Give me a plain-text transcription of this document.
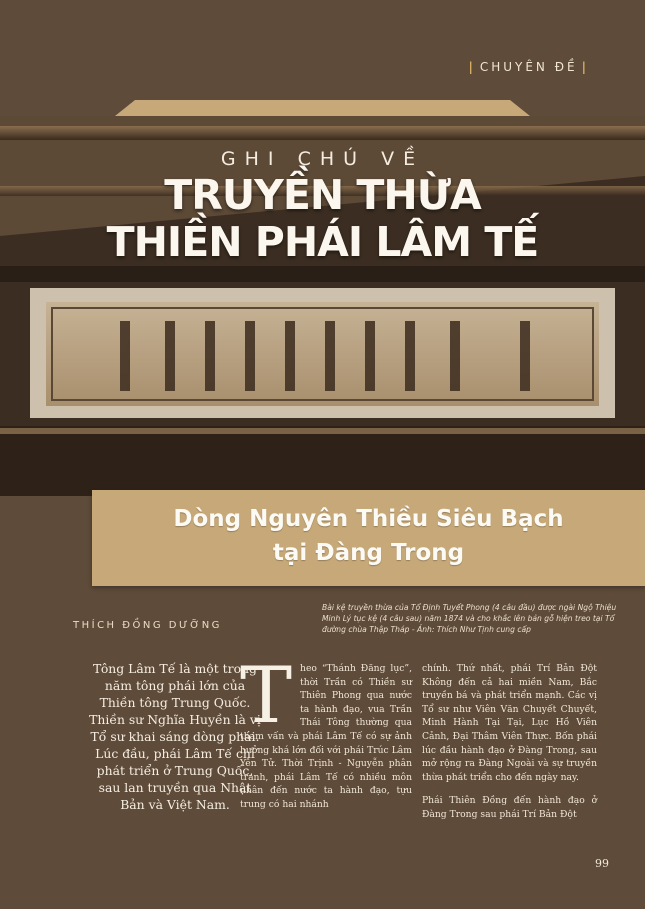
| CHUYÊN ĐỀ |
GHI CHÚ VỀ
TRUYỀN THỪA
THIỀN PHÁI LÂM TẾ
Dòng Nguyên Thiều Siêu Bạch
tại Đàng Trong
Bài kệ truyền thừa của Tổ Định Tuyết Phong (4 câu đầu) được ngài Ngộ Thiệu Minh Lý tục kệ (4 câu sau) năm 1874 và cho khắc lên bản gỗ hiện treo tại Tổ đường chùa Thập Tháp - Ảnh: Thích Như Tịnh cung cấp
THÍCH ĐỒNG DƯỠNG
Tông Lâm Tế là một trong năm tông phái lớn của Thiền tông Trung Quốc. Thiền sư Nghĩa Huyền là vị Tổ sư khai sáng dòng phái. Lúc đầu, phái Lâm Tế chỉ phát triển ở Trung Quốc, sau lan truyền qua Nhật Bản và Việt Nam.
T heo “Thánh Đăng lục”, thời Trần có Thiền sư Thiên Phong qua nước ta hành đạo, vua Trần Thái Tông thường qua tham vấn và phái Lâm Tế có sự ảnh hưởng khá lớn đối với phái Trúc Lâm Yên Tử. Thời Trịnh - Nguyễn phân tranh, phái Lâm Tế có nhiều môn nhân đến nước ta hành đạo, tựu trung có hai nhánh

chính. Thứ nhất, phái Trí Bản Đột Không đến cả hai miền Nam, Bắc truyền bá và phát triển mạnh. Các vị Tổ sư như Viên Văn Chuyết Chuyết, Minh Hành Tại Tại, Lục Hồ Viên Cảnh, Đại Thâm Viên Thực. Bốn phái lúc đầu hành đạo ở Đàng Trong, sau mở rộng ra Đàng Ngoài và sự truyền thừa phát triển cho đến ngày nay.

Phái Thiên Đồng đến hành đạo ở Đàng Trong sau phái Trí Bản Đột

99
